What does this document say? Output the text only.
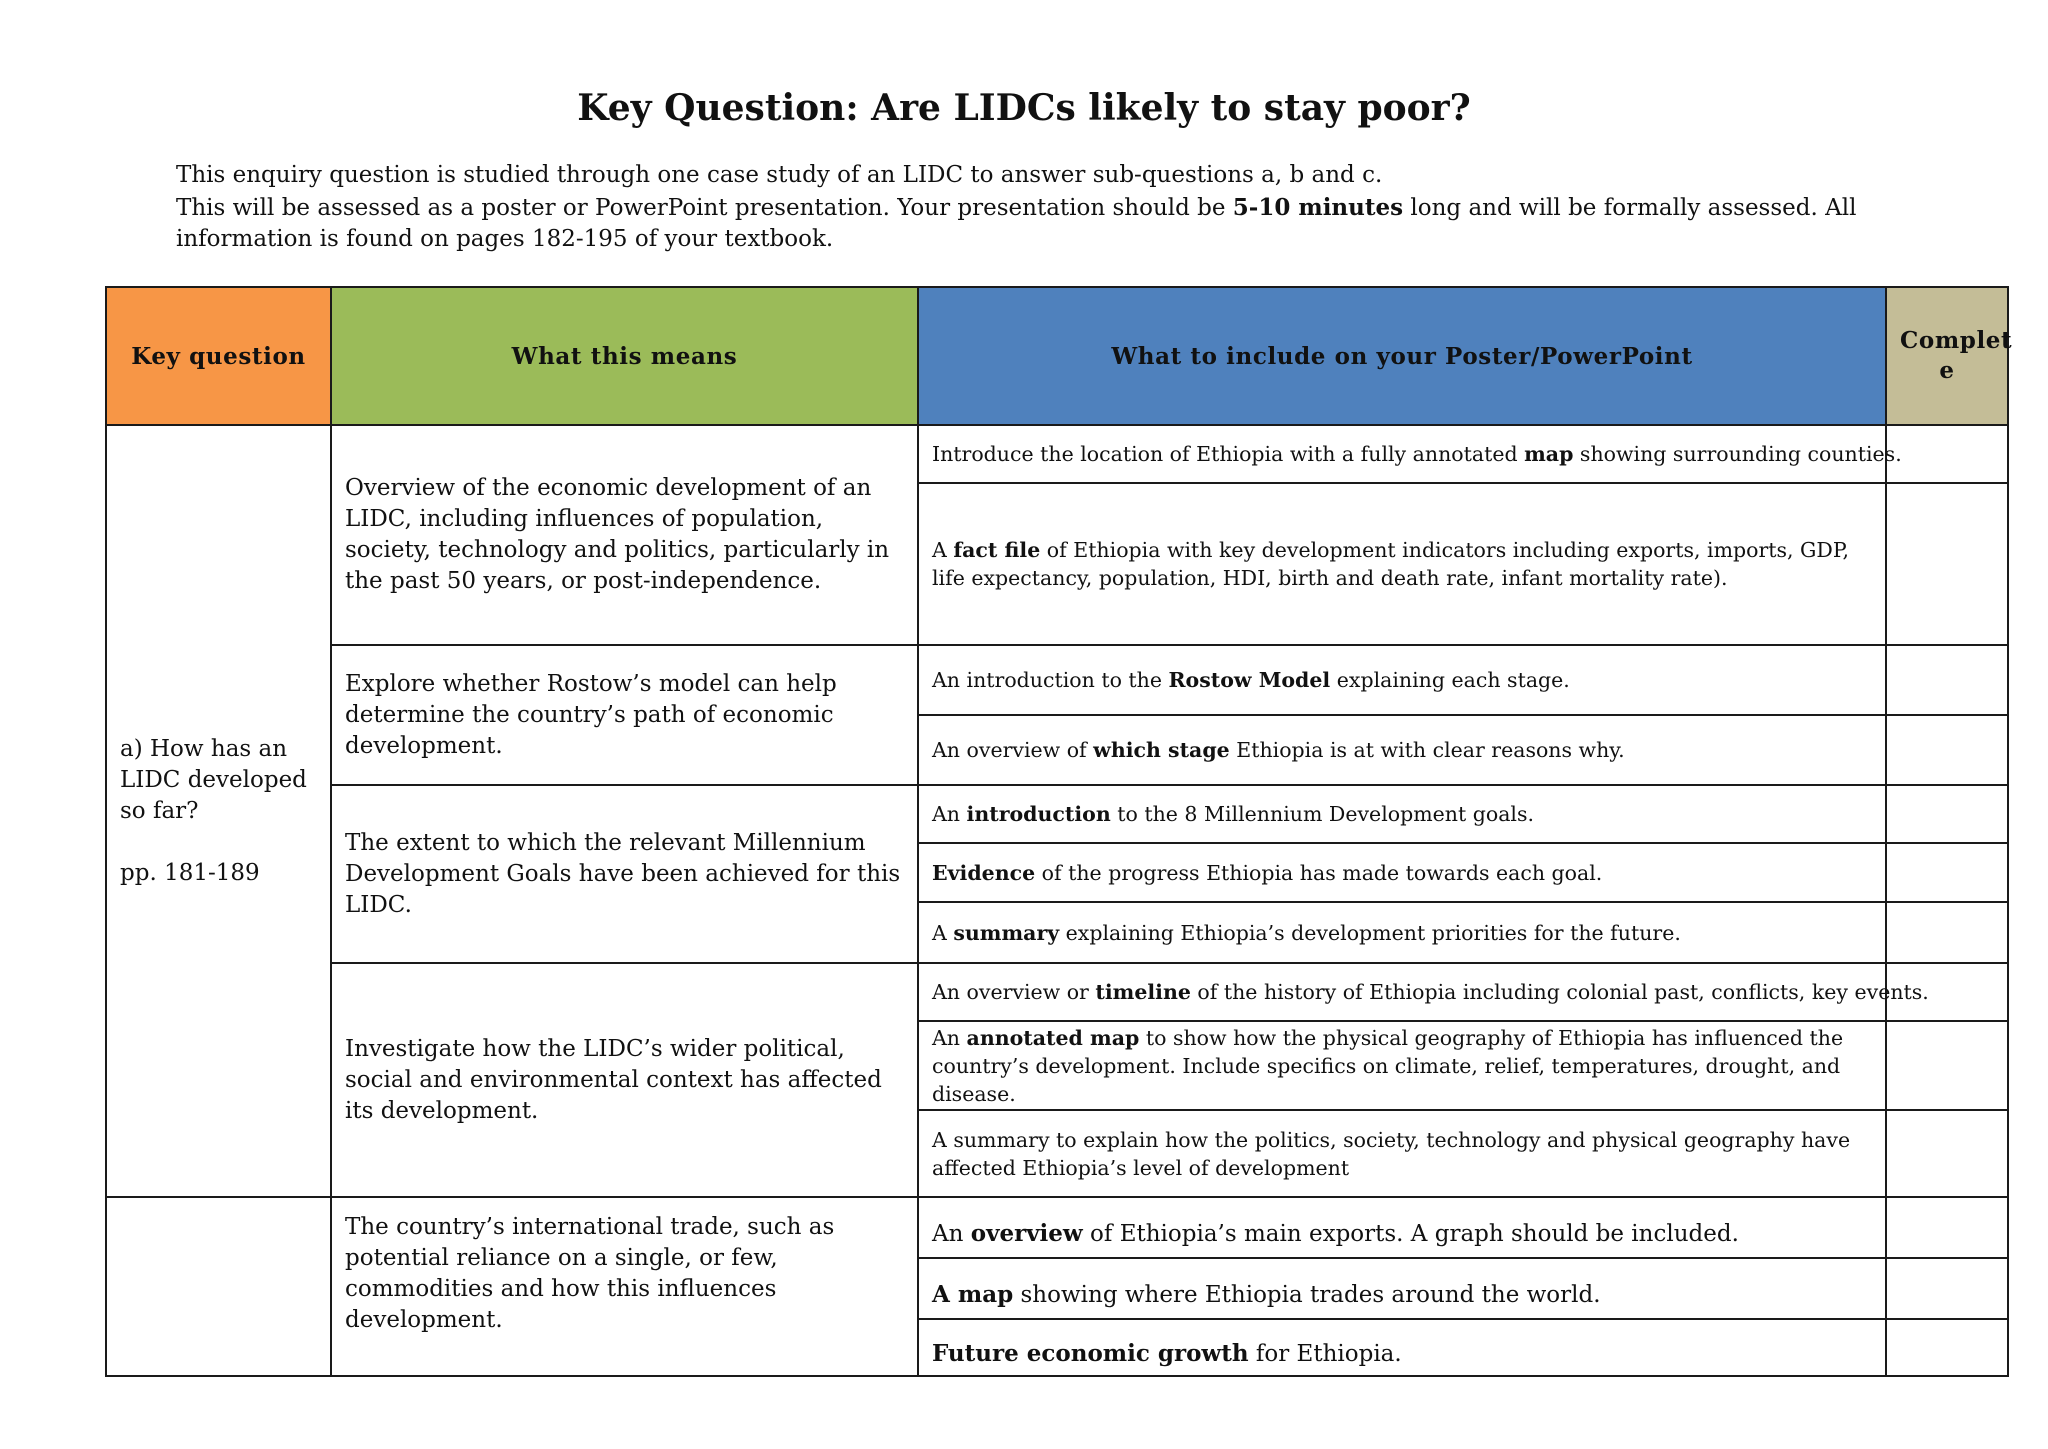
Key Question: Are LIDCs likely to stay poor?

This enquiry question is studied through one case study of an LIDC to answer sub-questions a, b and c.

This will be assessed as a poster or PowerPoint presentation. Your presentation should be 5-10 minutes long and will be formally assessed. All information is found on pages 182-195 of your textbook.

Key question	What this means	What to include on your Poster/PowerPoint	Complet
e

a) How has an LIDC developed so far?
pp. 181-189	Overview of the economic development of an LIDC, including influences of population, society, technology and politics, particularly in the past 50 years, or post-independence.	Introduce the location of Ethiopia with a fully annotated map showing surrounding counties.	
		A fact file of Ethiopia with key development indicators including exports, imports, GDP, life expectancy, population, HDI, birth and death rate, infant mortality rate).	
	Explore whether Rostow’s model can help determine the country’s path of economic development.	An introduction to the Rostow Model explaining each stage.	
		An overview of which stage Ethiopia is at with clear reasons why.	
	The extent to which the relevant Millennium Development Goals have been achieved for this LIDC.	An introduction to the 8 Millennium Development goals.	
		Evidence of the progress Ethiopia has made towards each goal.	
		A summary explaining Ethiopia’s development priorities for the future.	
	Investigate how the LIDC’s wider political, social and environmental context has affected its development.	An overview or timeline of the history of Ethiopia including colonial past, conflicts, key events.	
		An annotated map to show how the physical geography of Ethiopia has influenced the country’s development. Include specifics on climate, relief, temperatures, drought, and disease.	
		A summary to explain how the politics, society, technology and physical geography have affected Ethiopia’s level of development	
	The country’s international trade, such as potential reliance on a single, or few, commodities and how this influences development.	An overview of Ethiopia’s main exports. A graph should be included.	
		A map showing where Ethiopia trades around the world.	
		Future economic growth for Ethiopia.	
